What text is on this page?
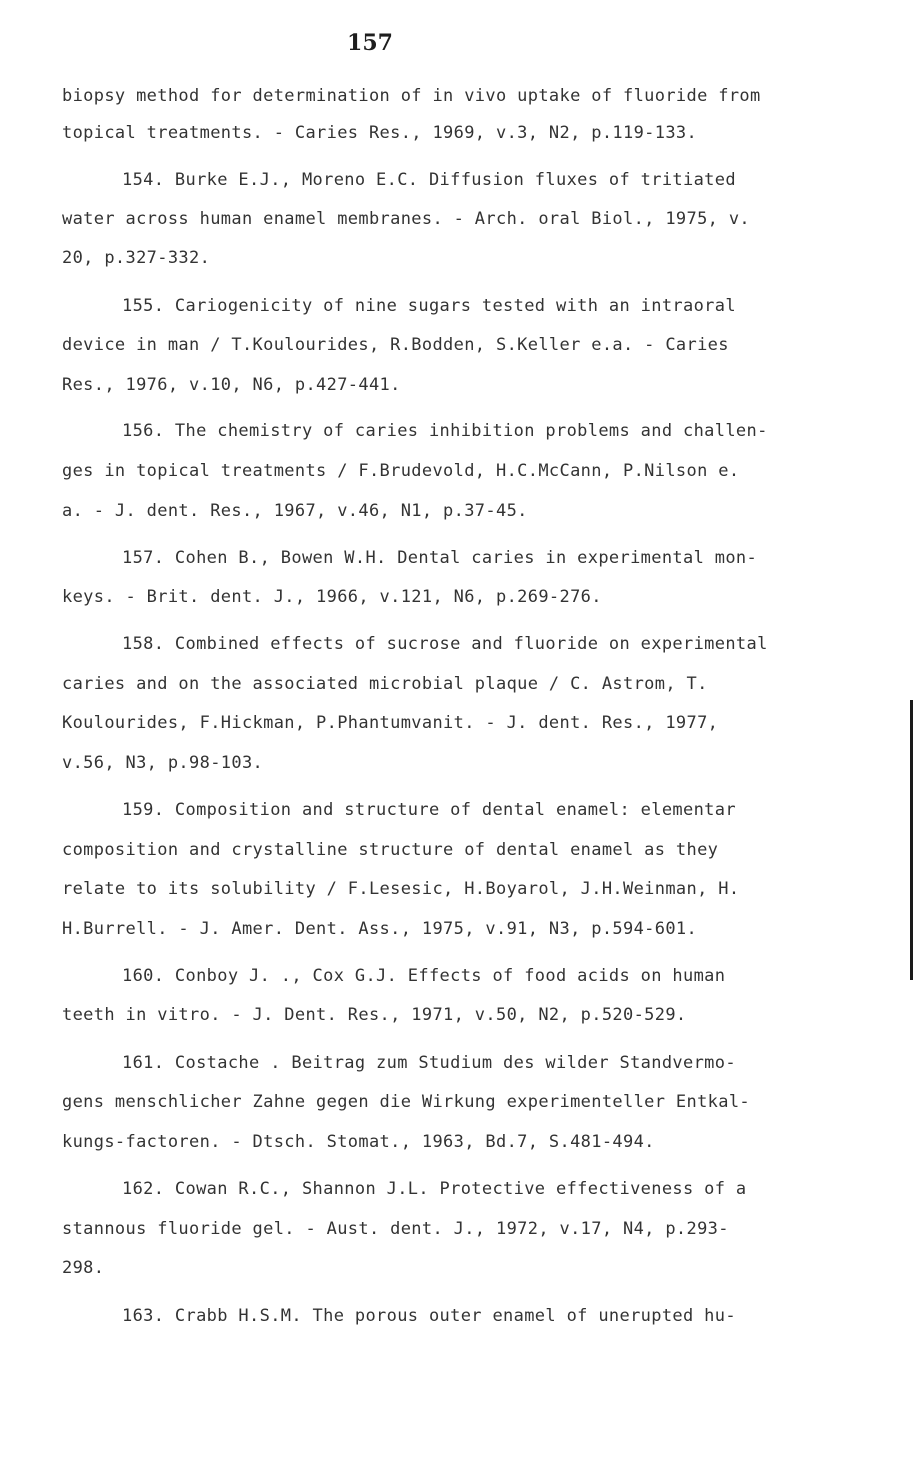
157
biopsy method for determination of in vivo uptake of fluoride from
topical treatments. - Caries Res., 1969, v.3, N2, p.119-133.
154. Burke E.J., Moreno E.C. Diffusion fluxes of tritiated
water across human enamel membranes. - Arch. oral Biol., 1975, v.
20, p.327-332.
155. Cariogenicity of nine sugars tested with an intraoral
device in man / T.Koulourides, R.Bodden, S.Keller e.a. - Caries
Res., 1976, v.10, N6, p.427-441.
156. The chemistry of caries inhibition problems and challen-
ges in topical treatments / F.Brudevold, H.C.McCann, P.Nilson e.
a. - J. dent. Res., 1967, v.46, N1, p.37-45.
157. Cohen B., Bowen W.H. Dental caries in experimental mon-
keys. - Brit. dent. J., 1966, v.121, N6, p.269-276.
158. Combined effects of sucrose and fluoride on experimental
caries and on the associated microbial plaque / C. Astrom, T.
Koulourides, F.Hickman, P.Phantumvanit. - J. dent. Res., 1977,
v.56, N3, p.98-103.
159. Composition and structure of dental enamel: elementar
composition and crystalline structure of dental enamel as they
relate to its solubility / F.Lesesic, H.Boyarol, J.H.Weinman, H.
H.Burrell. - J. Amer. Dent. Ass., 1975, v.91, N3, p.594-601.
160. Conboy J. ., Cox G.J. Effects of food acids on human
teeth in vitro. - J. Dent. Res., 1971, v.50, N2, p.520-529.
161. Costache . Beitrag zum Studium des wilder Standvermo-
gens menschlicher Zahne gegen die Wirkung experimenteller Entkal-
kungs-factoren. - Dtsch. Stomat., 1963, Bd.7, S.481-494.
162. Cowan R.C., Shannon J.L. Protective effectiveness of a
stannous fluoride gel. - Aust. dent. J., 1972, v.17, N4, p.293-
298.
163. Crabb H.S.M. The porous outer enamel of unerupted hu-
